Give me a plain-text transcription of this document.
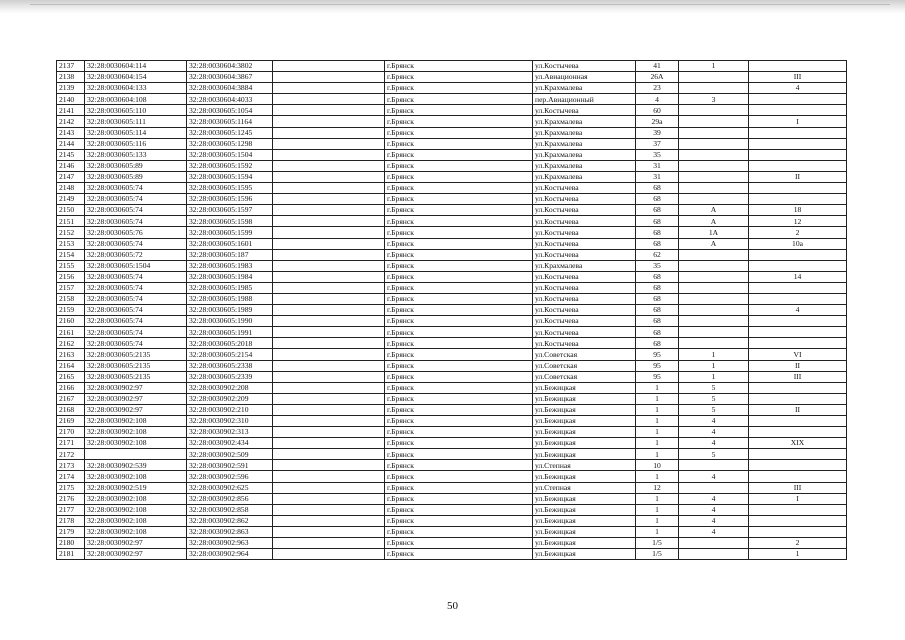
2137	32:28:0030604:114	32:28:0030604:3802		г.Брянск	ул.Костычева	41	1	
2138	32:28:0030604:154	32:28:0030604:3867		г.Брянск	ул.Авиационная	26А		III
2139	32:28:0030604:133	32:28:0030604:3884		г.Брянск	ул.Крахмалева	23		4
2140	32:28:0030604:108	32:28:0030604:4033		г.Брянск	пер.Авиационный	4	3	
2141	32:28:0030605:110	32:28:0030605:1054		г.Брянск	ул.Костычева	60		
2142	32:28:0030605:111	32:28:0030605:1164		г.Брянск	ул.Крахмалева	29а		I
2143	32:28:0030605:114	32:28:0030605:1245		г.Брянск	ул.Крахмалева	39		
2144	32:28:0030605:116	32:28:0030605:1298		г.Брянск	ул.Крахмалева	37		
2145	32:28:0030605:133	32:28:0030605:1504		г.Брянск	ул.Крахмалева	35		
2146	32:28:0030605:89	32:28:0030605:1592		г.Брянск	ул.Крахмалева	31		
2147	32:28:0030605:89	32:28:0030605:1594		г.Брянск	ул.Крахмалева	31		II
2148	32:28:0030605:74	32:28:0030605:1595		г.Брянск	ул.Костычева	68		
2149	32:28:0030605:74	32:28:0030605:1596		г.Брянск	ул.Костычева	68		
2150	32:28:0030605:74	32:28:0030605:1597		г.Брянск	ул.Костычева	68	А	18
2151	32:28:0030605:74	32:28:0030605:1598		г.Брянск	ул.Костычева	68	А	12
2152	32:28:0030605:76	32:28:0030605:1599		г.Брянск	ул.Костычева	68	1А	2
2153	32:28:0030605:74	32:28:0030605:1601		г.Брянск	ул.Костычева	68	А	10а
2154	32:28:0030605:72	32:28:0030605:187		г.Брянск	ул.Костычева	62		
2155	32:28:0030605:1504	32:28:0030605:1983		г.Брянск	ул.Крахмалева	35		
2156	32:28:0030605:74	32:28:0030605:1984		г.Брянск	ул.Костычева	68		14
2157	32:28:0030605:74	32:28:0030605:1985		г.Брянск	ул.Костычева	68		
2158	32:28:0030605:74	32:28:0030605:1988		г.Брянск	ул.Костычева	68		
2159	32:28:0030605:74	32:28:0030605:1989		г.Брянск	ул.Костычева	68		4
2160	32:28:0030605:74	32:28:0030605:1990		г.Брянск	ул.Костычева	68		
2161	32:28:0030605:74	32:28:0030605:1991		г.Брянск	ул.Костычева	68		
2162	32:28:0030605:74	32:28:0030605:2018		г.Брянск	ул.Костычева	68		
2163	32:28:0030605:2135	32:28:0030605:2154		г.Брянск	ул.Советская	95	1	VI
2164	32:28:0030605:2135	32:28:0030605:2338		г.Брянск	ул.Советская	95	1	II
2165	32:28:0030605:2135	32:28:0030605:2339		г.Брянск	ул.Советская	95	1	III
2166	32:28:0030902:97	32:28:0030902:208		г.Брянск	ул.Бежицкая	1	5	
2167	32:28:0030902:97	32:28:0030902:209		г.Брянск	ул.Бежицкая	1	5	
2168	32:28:0030902:97	32:28:0030902:210		г.Брянск	ул.Бежицкая	1	5	II
2169	32:28:0030902:108	32:28:0030902:310		г.Брянск	ул.Бежицкая	1	4	
2170	32:28:0030902:108	32:28:0030902:313		г.Брянск	ул.Бежицкая	1	4	
2171	32:28:0030902:108	32:28:0030902:434		г.Брянск	ул.Бежицкая	1	4	XIX
2172		32:28:0030902:509		г.Брянск	ул.Бежицкая	1	5	
2173	32:28:0030902:539	32:28:0030902:591		г.Брянск	ул.Степная	10		
2174	32:28:0030902:108	32:28:0030902:596		г.Брянск	ул.Бежицкая	1	4	
2175	32:28:0030902:519	32:28:0030902:625		г.Брянск	ул.Степная	12		III
2176	32:28:0030902:108	32:28:0030902:856		г.Брянск	ул.Бежицкая	1	4	I
2177	32:28:0030902:108	32:28:0030902:858		г.Брянск	ул.Бежицкая	1	4	
2178	32:28:0030902:108	32:28:0030902:862		г.Брянск	ул.Бежицкая	1	4	
2179	32:28:0030902:108	32:28:0030902:863		г.Брянск	ул.Бежицкая	1	4	
2180	32:28:0030902:97	32:28:0030902:963		г.Брянск	ул.Бежицкая	1/5		2
2181	32:28:0030902:97	32:28:0030902:964		г.Брянск	ул.Бежицкая	1/5		1
50
